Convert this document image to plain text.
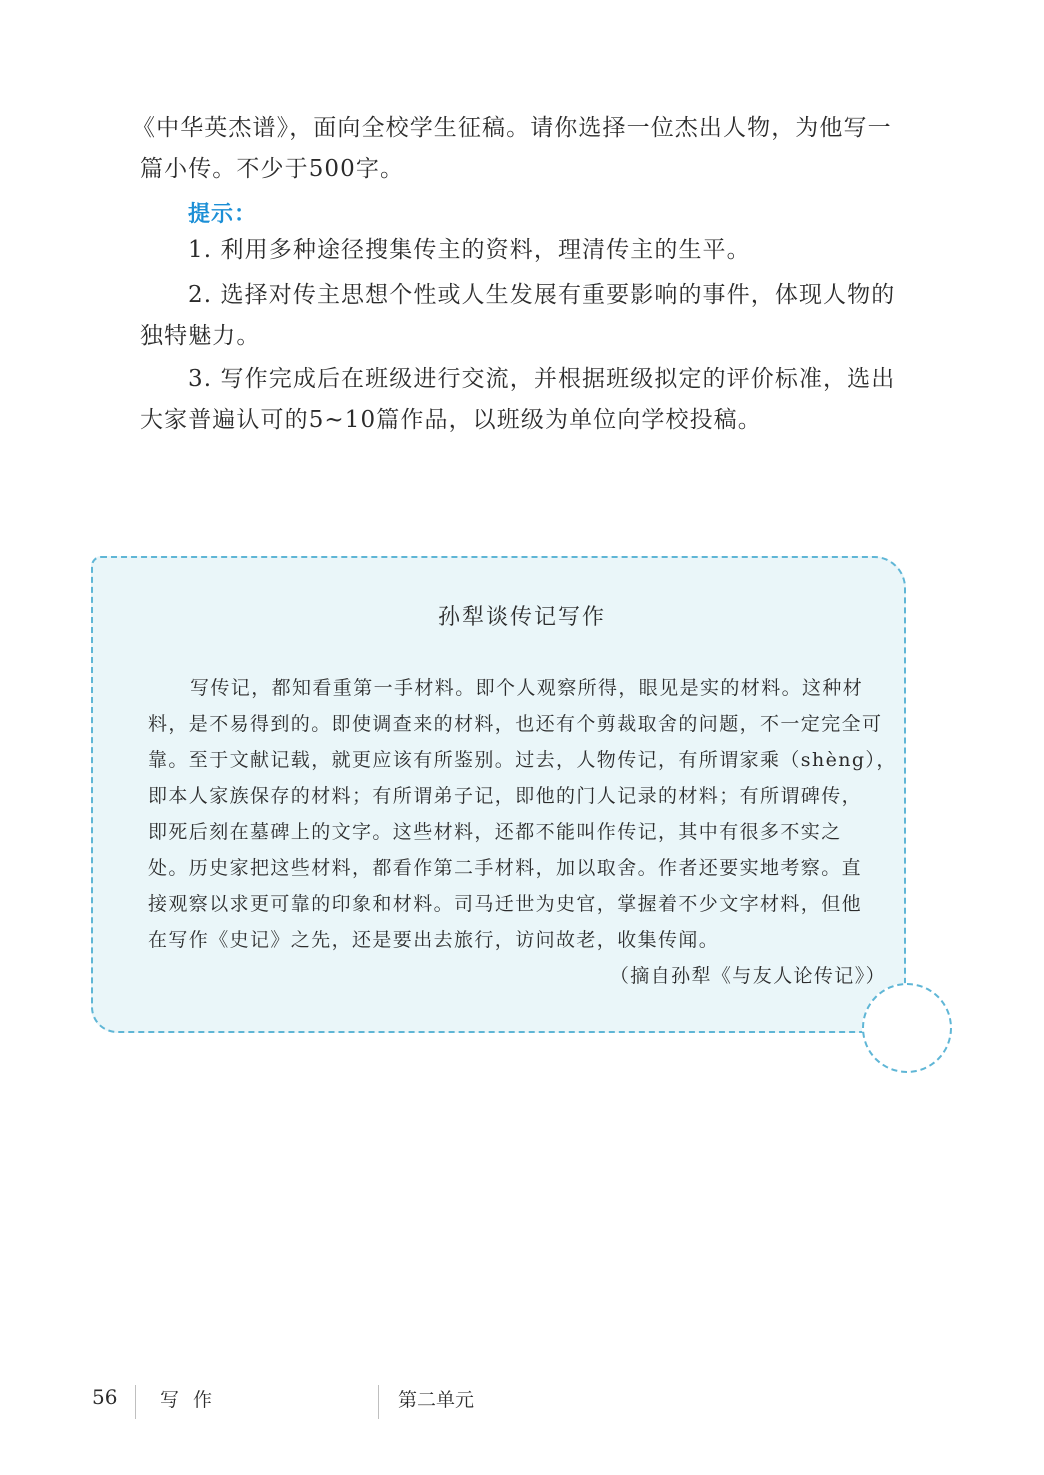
《中华英杰谱》，面向全校学生征稿。请你选择一位杰出人物，为他写一

篇小传。不少于500字。

提示：

1. 利用多种途径搜集传主的资料，理清传主的生平。

2. 选择对传主思想个性或人生发展有重要影响的事件，体现人物的

独特魅力。

3. 写作完成后在班级进行交流，并根据班级拟定的评价标准，选出

大家普遍认可的5~10篇作品，以班级为单位向学校投稿。

孙犁谈传记写作

写传记，都知看重第一手材料。即个人观察所得，眼见是实的材料。这种材

料，是不易得到的。即使调查来的材料，也还有个剪裁取舍的问题，不一定完全可

靠。至于文献记载，就更应该有所鉴别。过去，人物传记，有所谓家乘（shèng），

即本人家族保存的材料；有所谓弟子记，即他的门人记录的材料；有所谓碑传，

即死后刻在墓碑上的文字。这些材料，还都不能叫作传记，其中有很多不实之

处。历史家把这些材料，都看作第二手材料，加以取舍。作者还要实地考察。直

接观察以求更可靠的印象和材料。司马迁世为史官，掌握着不少文字材料，但他

在写作《史记》之先，还是要出去旅行，访问故老，收集传闻。

（摘自孙犁《与友人论传记》）

56 写 作	第二单元
